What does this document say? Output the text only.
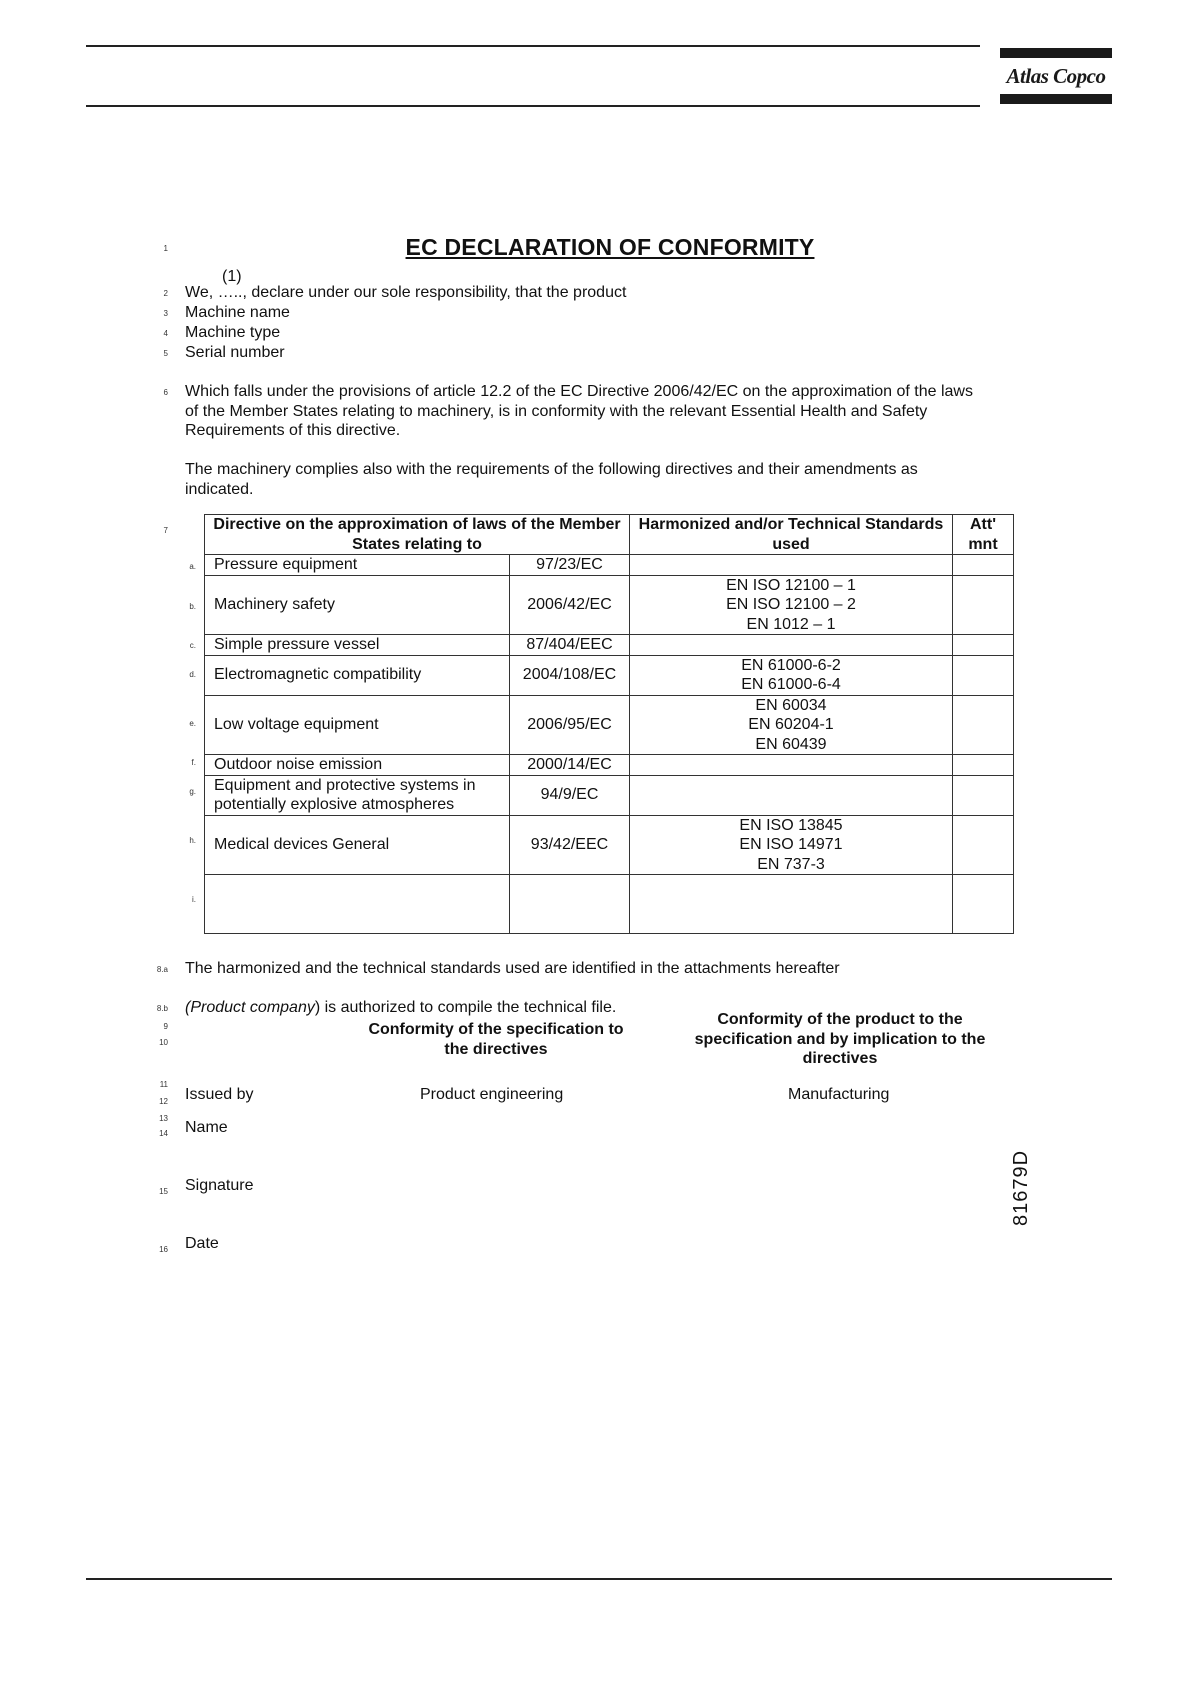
Atlas Copco
1
2
3
4
5
6
7
8.a
8.b
9
10
11
12
13
14
15
16
EC DECLARATION OF CONFORMITY
(1)
We, ….., declare under our sole responsibility, that the product
Machine name
Machine type
Serial number
Which falls under the provisions of article 12.2 of the EC Directive 2006/42/EC on the approximation of the laws of the Member States relating to machinery, is in conformity with the relevant Essential Health and Safety Requirements of this directive.
The machinery complies also with the requirements of the following directives and their amendments as indicated.
Directive on the approximation of laws of the Member States relating to		Harmonized and/or Technical Standards used	Att' mnt
Pressure equipment	97/23/EC		
Machinery safety	2006/42/EC	EN ISO 12100 – 1
EN ISO 12100 – 2
EN 1012 – 1	

Simple pressure vessel	87/404/EEC		
Electromagnetic compatibility	2004/108/EC	EN 61000-6-2
EN 61000-6-4	

Low voltage equipment	2006/95/EC	EN 60034
EN 60204-1
EN 60439	

Outdoor noise emission	2000/14/EC		
Equipment and protective systems in potentially explosive atmospheres	94/9/EC		
Medical devices General	93/42/EEC	EN ISO 13845
EN ISO 14971
EN 737-3	

a.
b.
c.
d.
e.
f.
g.
h.
i.
The harmonized and the technical standards used are identified in the attachments hereafter
(Product company) is authorized to compile the technical file.
Conformity of the specification to the directives
Conformity of the product to the specification and by implication to the directives
Issued by	Product engineering	Manufacturing
Name
Signature
Date
81679D
